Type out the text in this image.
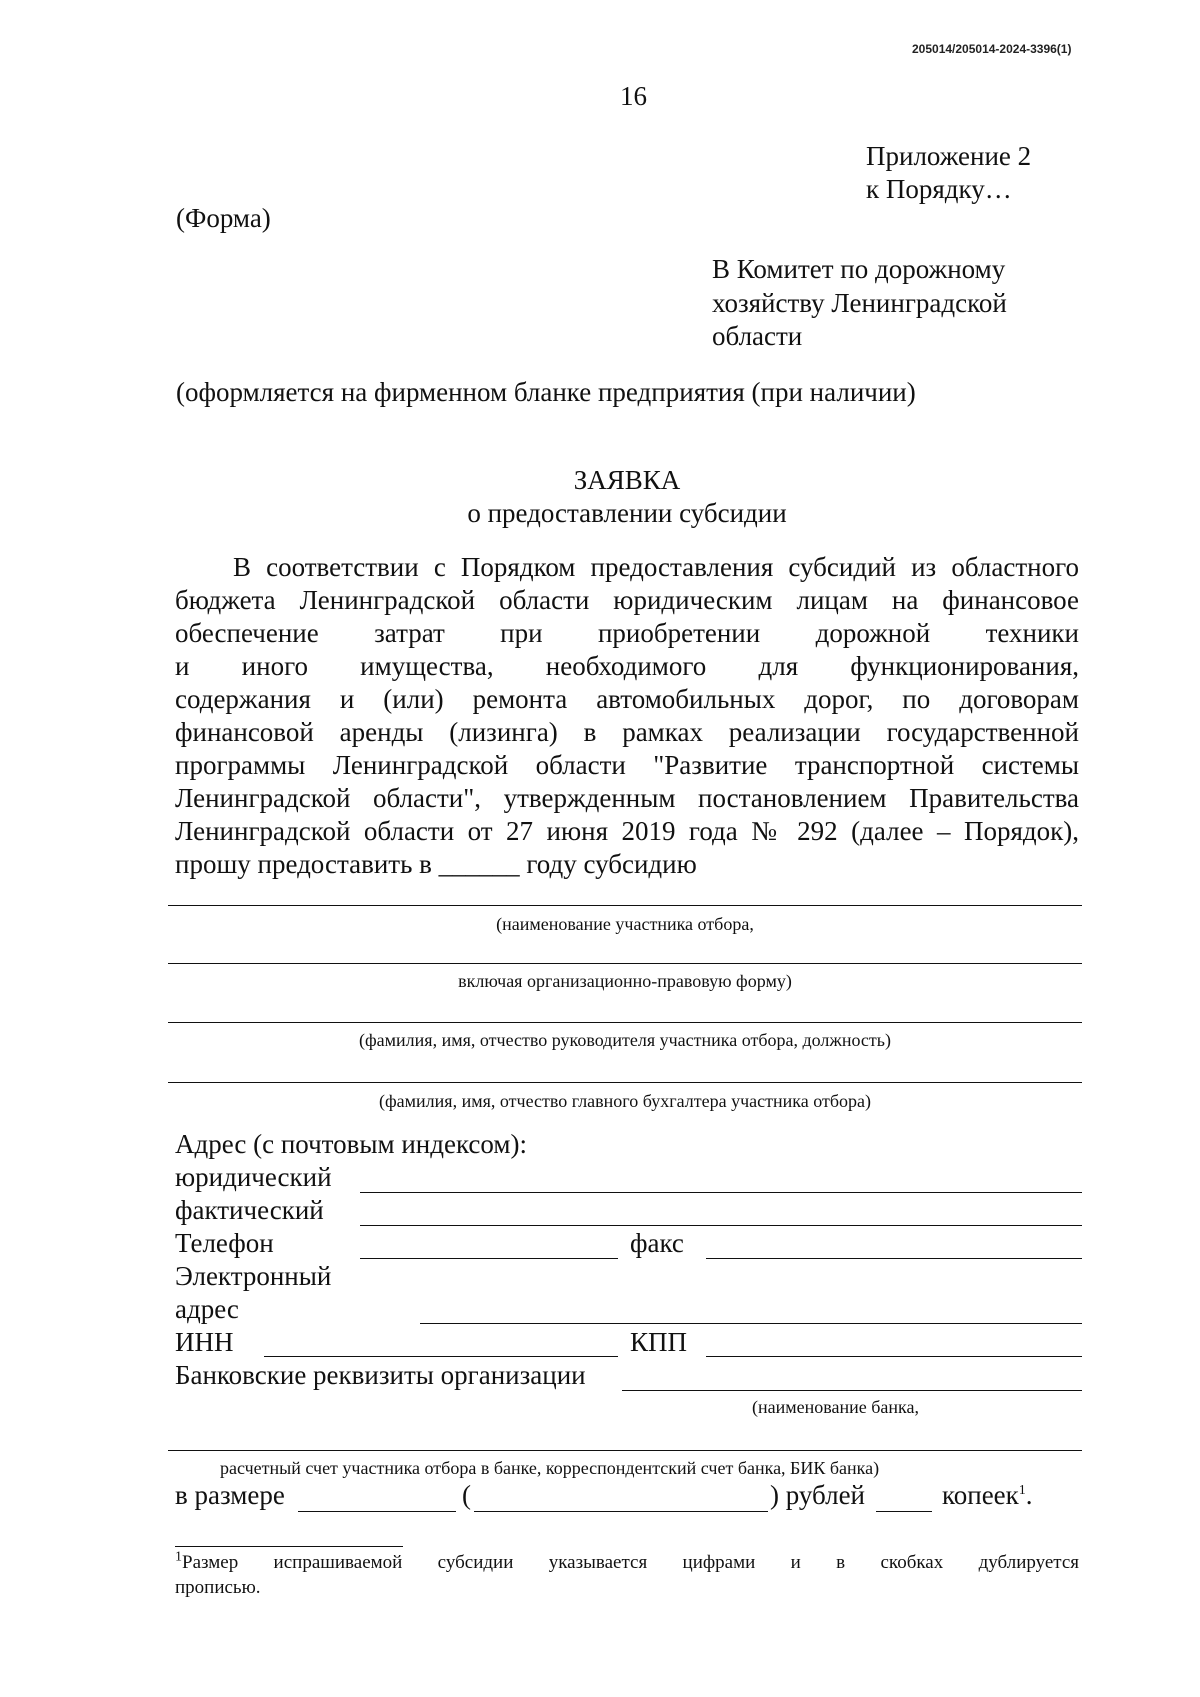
205014/205014-2024-3396(1)
16
Приложение 2
к Порядку…
(Форма)
В Комитет по дорожному
хозяйству Ленинградской
области
(оформляется на фирменном бланке предприятия (при наличии)
ЗАЯВКА
о предоставлении субсидии
В соответствии с Порядком предоставления субсидий из областного
бюджета Ленинградской области юридическим лицам на финансовое
обеспечение затрат при приобретении дорожной техники
и иного имущества, необходимого для функционирования,
содержания и (или) ремонта автомобильных дорог, по договорам
финансовой аренды (лизинга) в рамках реализации государственной
программы Ленинградской области "Развитие транспортной системы
Ленинградской области", утвержденным постановлением Правительства
Ленинградской области от 27 июня 2019 года № 292 (далее – Порядок),
прошу предоставить в ______ году субсидию
(наименование участника отбора,
включая организационно-правовую форму)
(фамилия, имя, отчество руководителя участника отбора, должность)
(фамилия, имя, отчество главного бухгалтера участника отбора)
Адрес (с почтовым индексом):
юридический
фактический
Телефон	факс
Электронный
адрес
ИНН	КПП
Банковские реквизиты организации
(наименование банка,
расчетный счет участника отбора в банке, корреспондентский счет банка, БИК банка)
в размере	(	) рублей	копеек$^1$.
$^1$Размер испрашиваемой субсидии указывается цифрами и в скобках дублируется
прописью.
